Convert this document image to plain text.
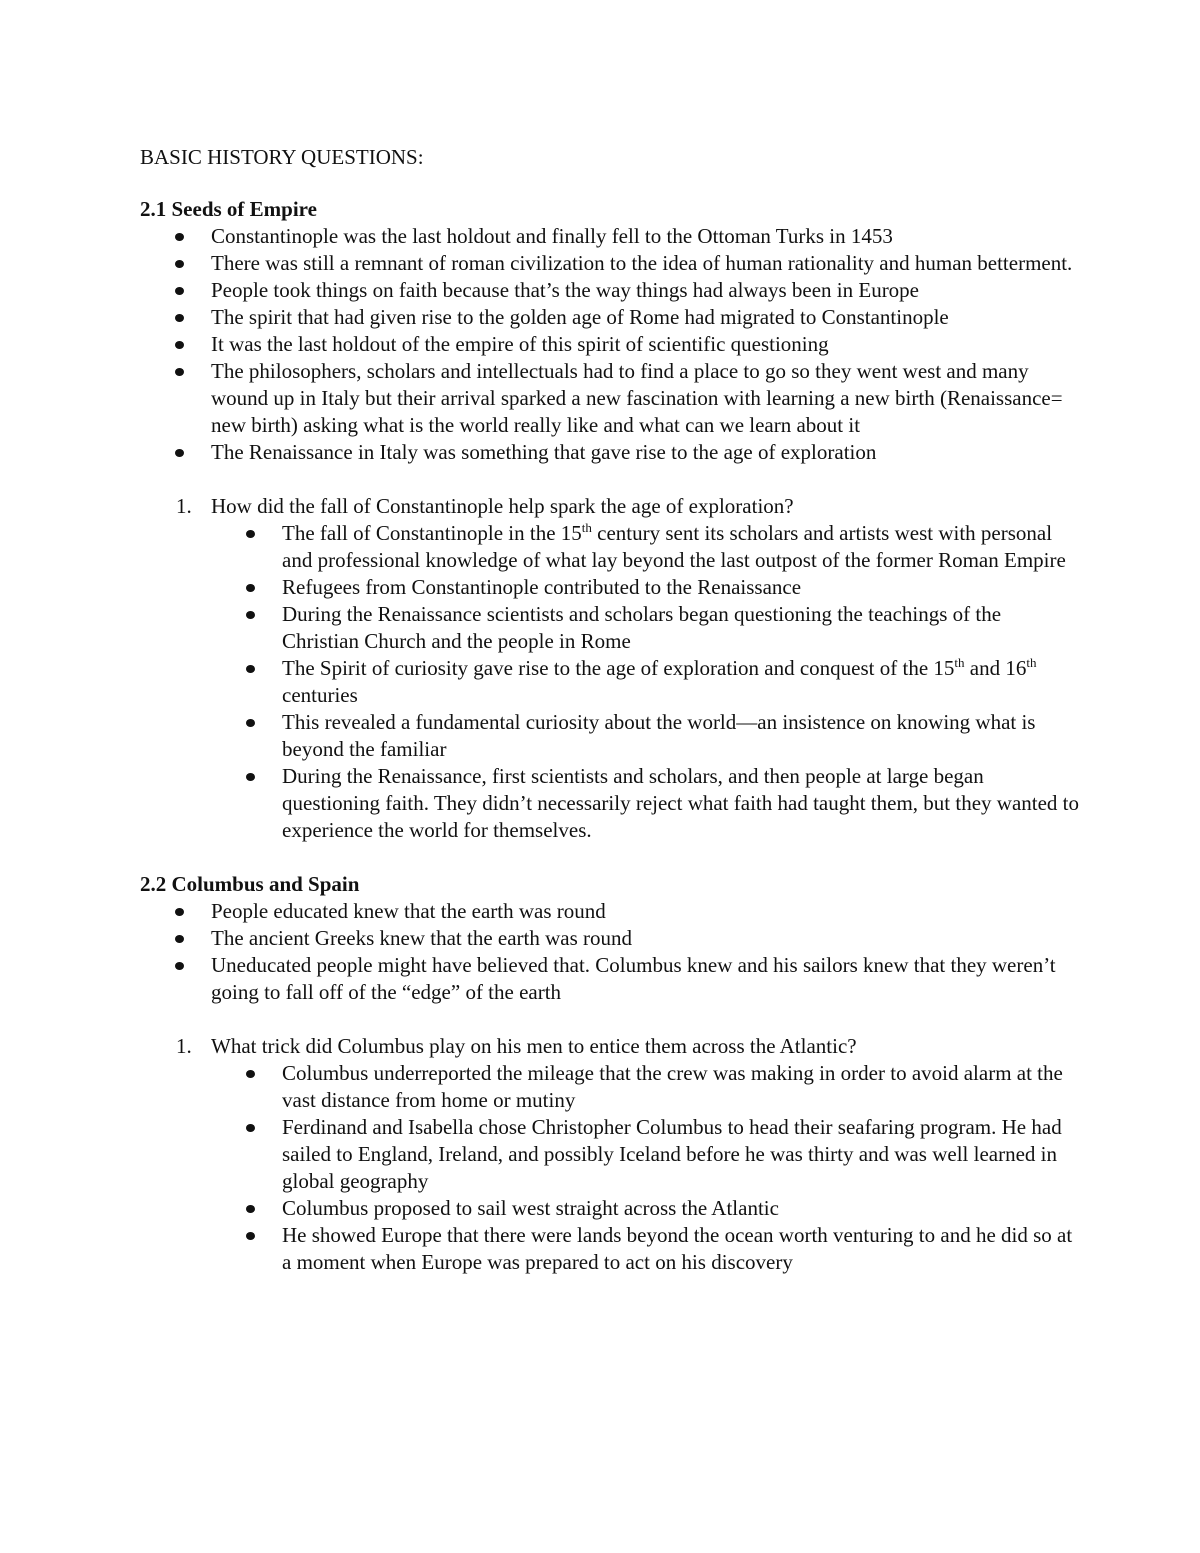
BASIC HISTORY QUESTIONS:

2.1 Seeds of Empire

Constantinople was the last holdout and finally fell to the Ottoman Turks in 1453
There was still a remnant of roman civilization to the idea of human rationality and human betterment.
People took things on faith because that’s the way things had always been in Europe
The spirit that had given rise to the golden age of Rome had migrated to Constantinople
It was the last holdout of the empire of this spirit of scientific questioning
The philosophers, scholars and intellectuals had to find a place to go so they went west and many wound up in Italy but their arrival sparked a new fascination with learning a new birth (Renaissance= new birth) asking what is the world really like and what can we learn about it
The Renaissance in Italy was something that gave rise to the age of exploration
1. How did the fall of Constantinople help spark the age of exploration?
The fall of Constantinople in the 15th century sent its scholars and artists west with personal and professional knowledge of what lay beyond the last outpost of the former Roman Empire
Refugees from Constantinople contributed to the Renaissance
During the Renaissance scientists and scholars began questioning the teachings of the Christian Church and the people in Rome
The Spirit of curiosity gave rise to the age of exploration and conquest of the 15th and 16th centuries
This revealed a fundamental curiosity about the world—an insistence on knowing what is beyond the familiar
During the Renaissance, first scientists and scholars, and then people at large began questioning faith. They didn’t necessarily reject what faith had taught them, but they wanted to experience the world for themselves.

2.2 Columbus and Spain

People educated knew that the earth was round
The ancient Greeks knew that the earth was round
Uneducated people might have believed that. Columbus knew and his sailors knew that they weren’t going to fall off of the “edge” of the earth
1. What trick did Columbus play on his men to entice them across the Atlantic?
Columbus underreported the mileage that the crew was making in order to avoid alarm at the vast distance from home or mutiny
Ferdinand and Isabella chose Christopher Columbus to head their seafaring program. He had sailed to England, Ireland, and possibly Iceland before he was thirty and was well learned in global geography
Columbus proposed to sail west straight across the Atlantic
He showed Europe that there were lands beyond the ocean worth venturing to and he did so at a moment when Europe was prepared to act on his discovery
